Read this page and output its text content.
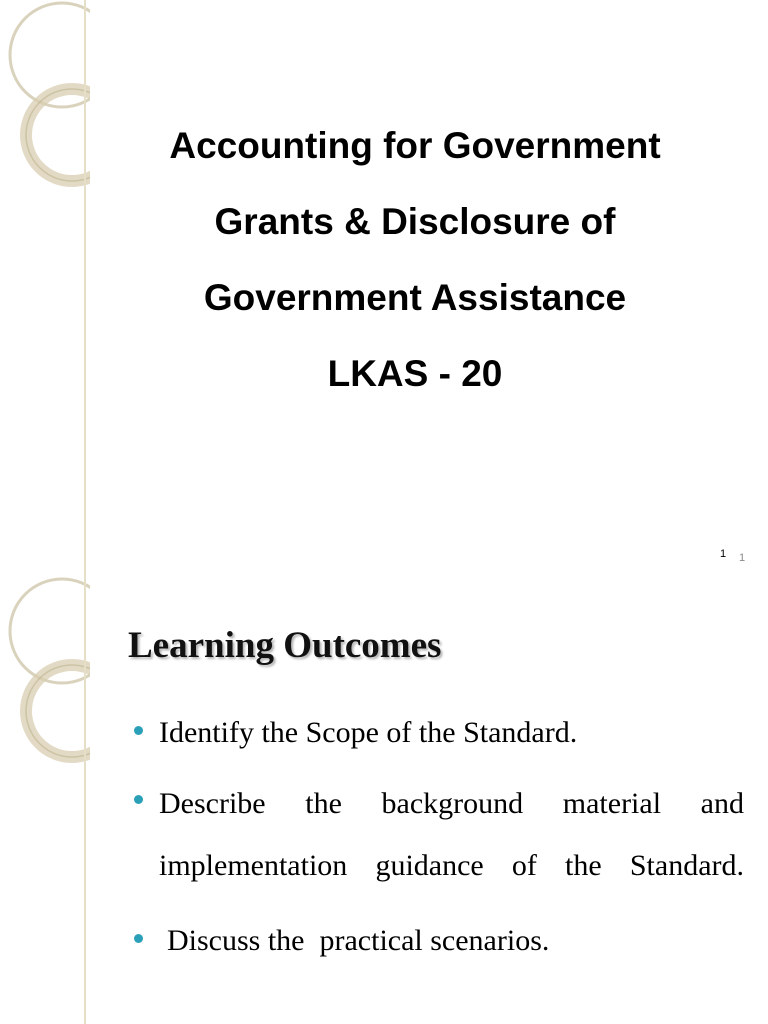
Accounting for Government
Grants & Disclosure of
Government Assistance
LKAS - 20
1 1
Learning Outcomes
Identify the Scope of the Standard.
Describe the background material and implementation guidance of the Standard.
Discuss the  practical scenarios.
